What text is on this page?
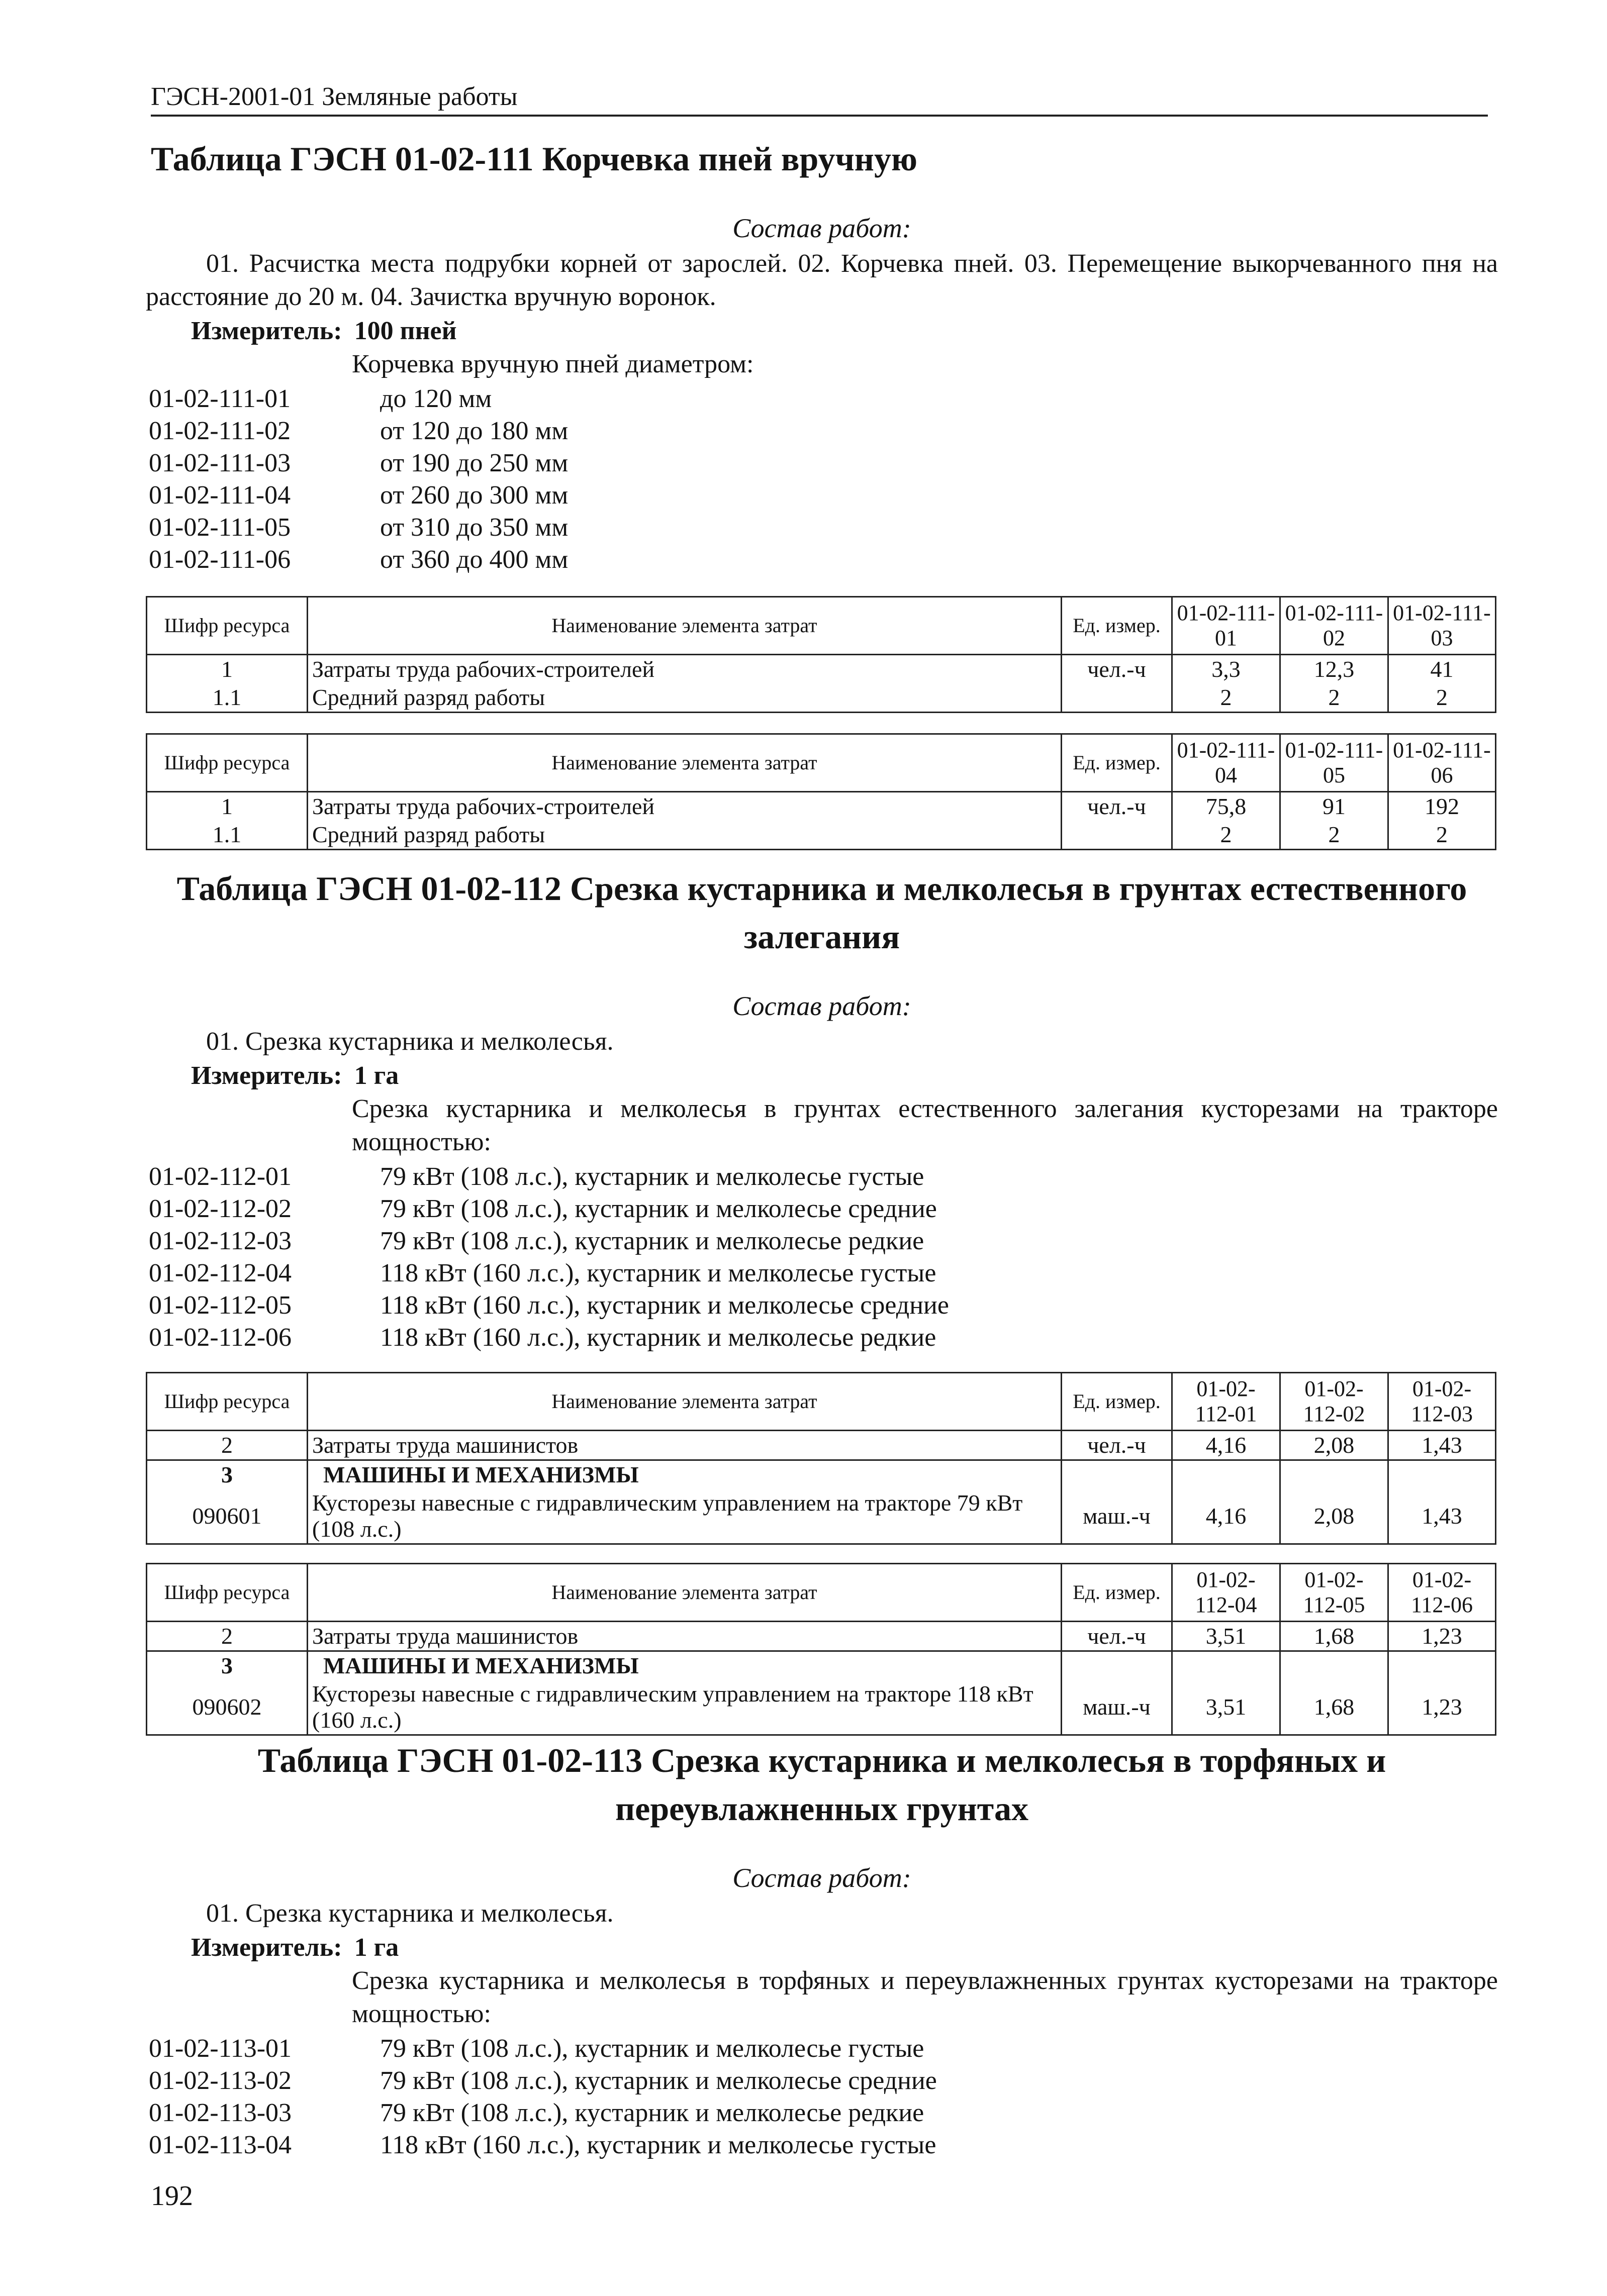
ГЭСН-2001-01 Земляные работы
Таблица ГЭСН 01-02-111 Корчевка пней вручную
Состав работ:
01. Расчистка места подрубки корней от зарослей. 02. Корчевка пней. 03. Перемещение выкорчеванного пня на расстояние до 20 м. 04. Зачистка вручную воронок.
Измеритель: 100 пней
Корчевка вручную пней диаметром:
01-02-111-01	до 120 мм
01-02-111-02	от 120 до 180 мм
01-02-111-03	от 190 до 250 мм
01-02-111-04	от 260 до 300 мм
01-02-111-05	от 310 до 350 мм
01-02-111-06	от 360 до 400 мм
Шифр ресурса	Наименование элемента затрат	Ед. измер.	01-02-111-01	01-02-111-02	01-02-111-03
1	Затраты труда рабочих-строителей	чел.-ч	3,3	12,3	41
1.1	Средний разряд работы		2	2	2
Шифр ресурса	Наименование элемента затрат	Ед. измер.	01-02-111-04	01-02-111-05	01-02-111-06
1	Затраты труда рабочих-строителей	чел.-ч	75,8	91	192
1.1	Средний разряд работы		2	2	2
Таблица ГЭСН 01-02-112 Срезка кустарника и мелколесья в грунтах естественного залегания
Состав работ:
01. Срезка кустарника и мелколесья.
Измеритель: 1 га
Срезка кустарника и мелколесья в грунтах естественного залегания кусторезами на тракторе мощностью:
01-02-112-01	79 кВт (108 л.с.), кустарник и мелколесье густые
01-02-112-02	79 кВт (108 л.с.), кустарник и мелколесье средние
01-02-112-03	79 кВт (108 л.с.), кустарник и мелколесье редкие
01-02-112-04	118 кВт (160 л.с.), кустарник и мелколесье густые
01-02-112-05	118 кВт (160 л.с.), кустарник и мелколесье средние
01-02-112-06	118 кВт (160 л.с.), кустарник и мелколесье редкие
Шифр ресурса	Наименование элемента затрат	Ед. измер.	01-02-112-01	01-02-112-02	01-02-112-03
2	Затраты труда машинистов	чел.-ч	4,16	2,08	1,43
3	МАШИНЫ И МЕХАНИЗМЫ				
090601	Кусторезы навесные с гидравлическим управлением на тракторе 79 кВт (108 л.с.)	маш.-ч	4,16	2,08	1,43
Шифр ресурса	Наименование элемента затрат	Ед. измер.	01-02-112-04	01-02-112-05	01-02-112-06
2	Затраты труда машинистов	чел.-ч	3,51	1,68	1,23
3	МАШИНЫ И МЕХАНИЗМЫ				
090602	Кусторезы навесные с гидравлическим управлением на тракторе 118 кВт (160 л.с.)	маш.-ч	3,51	1,68	1,23
Таблица ГЭСН 01-02-113 Срезка кустарника и мелколесья в торфяных и переувлажненных грунтах
Состав работ:
01. Срезка кустарника и мелколесья.
Измеритель: 1 га
Срезка кустарника и мелколесья в торфяных и переувлажненных грунтах кусторезами на тракторе мощностью:
01-02-113-01	79 кВт (108 л.с.), кустарник и мелколесье густые
01-02-113-02	79 кВт (108 л.с.), кустарник и мелколесье средние
01-02-113-03	79 кВт (108 л.с.), кустарник и мелколесье редкие
01-02-113-04	118 кВт (160 л.с.), кустарник и мелколесье густые
192
